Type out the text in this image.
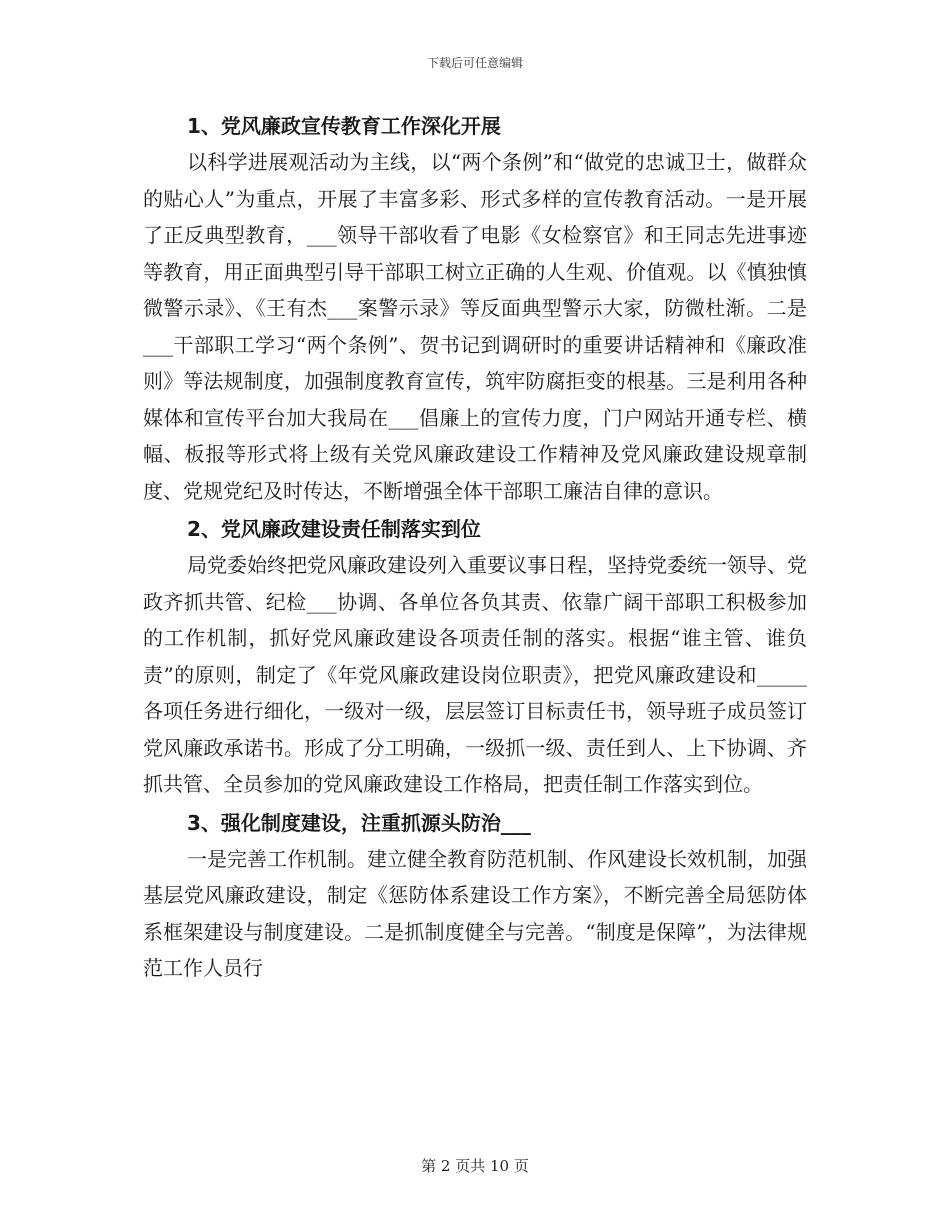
下载后可任意编辑
1、党风廉政宣传教育工作深化开展

以科学进展观活动为主线，以“两个条例”和“做党的忠诚卫士，做群众的贴心人”为重点，开展了丰富多彩、形式多样的宣传教育活动。一是开展了正反典型教育，___领导干部收看了电影《女检察官》和王同志先进事迹等教育，用正面典型引导干部职工树立正确的人生观、价值观。以《慎独慎微警示录》、《王有杰___案警示录》等反面典型警示大家，防微杜渐。二是___干部职工学习“两个条例”、贺书记到调研时的重要讲话精神和《廉政准则》等法规制度，加强制度教育宣传，筑牢防腐拒变的根基。三是利用各种媒体和宣传平台加大我局在___倡廉上的宣传力度，门户网站开通专栏、横幅、板报等形式将上级有关党风廉政建设工作精神及党风廉政建设规章制度、党规党纪及时传达，不断增强全体干部职工廉洁自律的意识。

2、党风廉政建设责任制落实到位

局党委始终把党风廉政建设列入重要议事日程，坚持党委统一领导、党政齐抓共管、纪检___协调、各单位各负其责、依靠广阔干部职工积极参加的工作机制，抓好党风廉政建设各项责任制的落实。根据“谁主管、谁负责”的原则，制定了《年党风廉政建设岗位职责》，把党风廉政建设和_____各项任务进行细化，一级对一级，层层签订目标责任书，领导班子成员签订党风廉政承诺书。形成了分工明确，一级抓一级、责任到人、上下协调、齐抓共管、全员参加的党风廉政建设工作格局，把责任制工作落实到位。

3、强化制度建设，注重抓源头防治___

一是完善工作机制。建立健全教育防范机制、作风建设长效机制，加强基层党风廉政建设，制定《惩防体系建设工作方案》，不断完善全局惩防体系框架建设与制度建设。二是抓制度健全与完善。“制度是保障”，为法律规范工作人员行

第 2 页共 10 页
